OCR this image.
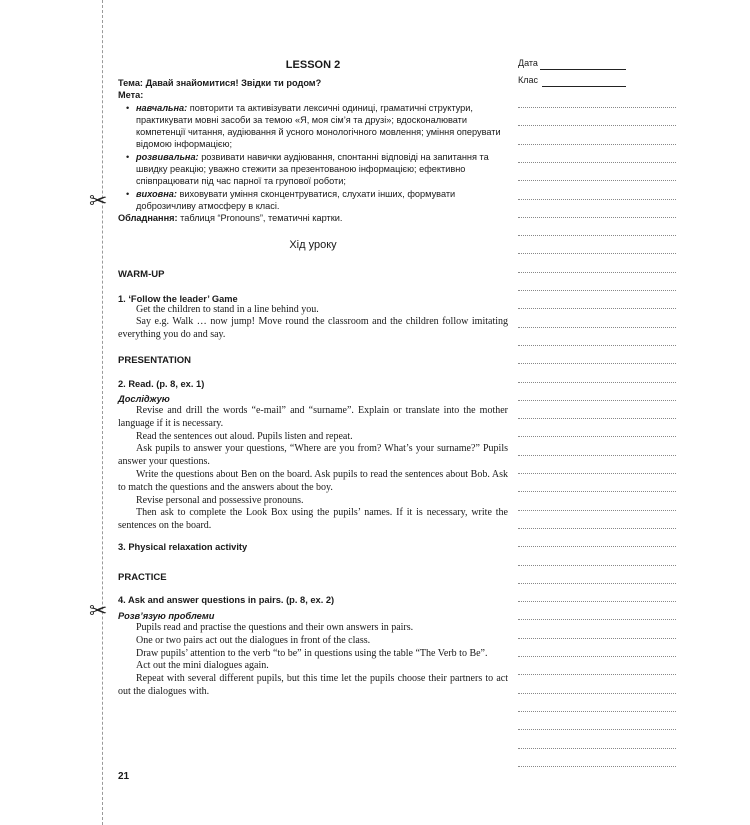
✂
✂
LESSON 2
Тема: Давай знайомитися! Звідки ти родом?
Мета:
• навчальна: повторити та активізувати лексичні одиниці, граматичні структури, практикувати мовні засоби за темою «Я, моя сім’я та друзі»; вдосконалювати компетенції читання, аудіювання й усного монологічного мовлення; уміння оперувати відомою інформацією;
• розвивальна: розвивати навички аудіювання, спонтанні відповіді на запитання та швидку реакцію; уважно стежити за презентованою інформацією; ефективно співпрацювати під час парної та групової роботи;
• виховна: виховувати уміння сконцентруватися, слухати інших, формувати доброзичливу атмосферу в класі.
Обладнання: таблиця “Pronouns”, тематичні картки.
Хід уроку

WARM-UP

1. ‘Follow the leader’ Game

Get the children to stand in a line behind you.

Say e.g. Walk … now jump! Move round the classroom and the children follow imitating everything you do and say.

PRESENTATION

2. Read. (p. 8, ex. 1)

Досліджую

Revise and drill the words “e-mail” and “surname”. Explain or translate into the mother language if it is necessary.

Read the sentences out aloud. Pupils listen and repeat.

Ask pupils to answer your questions, “Where are you from? What’s your surname?” Pupils answer your questions.

Write the questions about Ben on the board. Ask pupils to read the sentences about Bob. Ask to match the questions and the answers about the boy.

Revise personal and possessive pronouns.

Then ask to complete the Look Box using the pupils’ names. If it is necessary, write the sentences on the board.

3. Physical relaxation activity

PRACTICE

4. Ask and answer questions in pairs. (p. 8, ex. 2)

Розв’язую проблеми

Pupils read and practise the questions and their own answers in pairs.

One or two pairs act out the dialogues in front of the class.

Draw pupils’ attention to the verb “to be” in questions using the table “The Verb to Be”.

Act out the mini dialogues again.

Repeat with several different pupils, but this time let the pupils choose their partners to act out the dialogues with.

21
Дата
Клас
